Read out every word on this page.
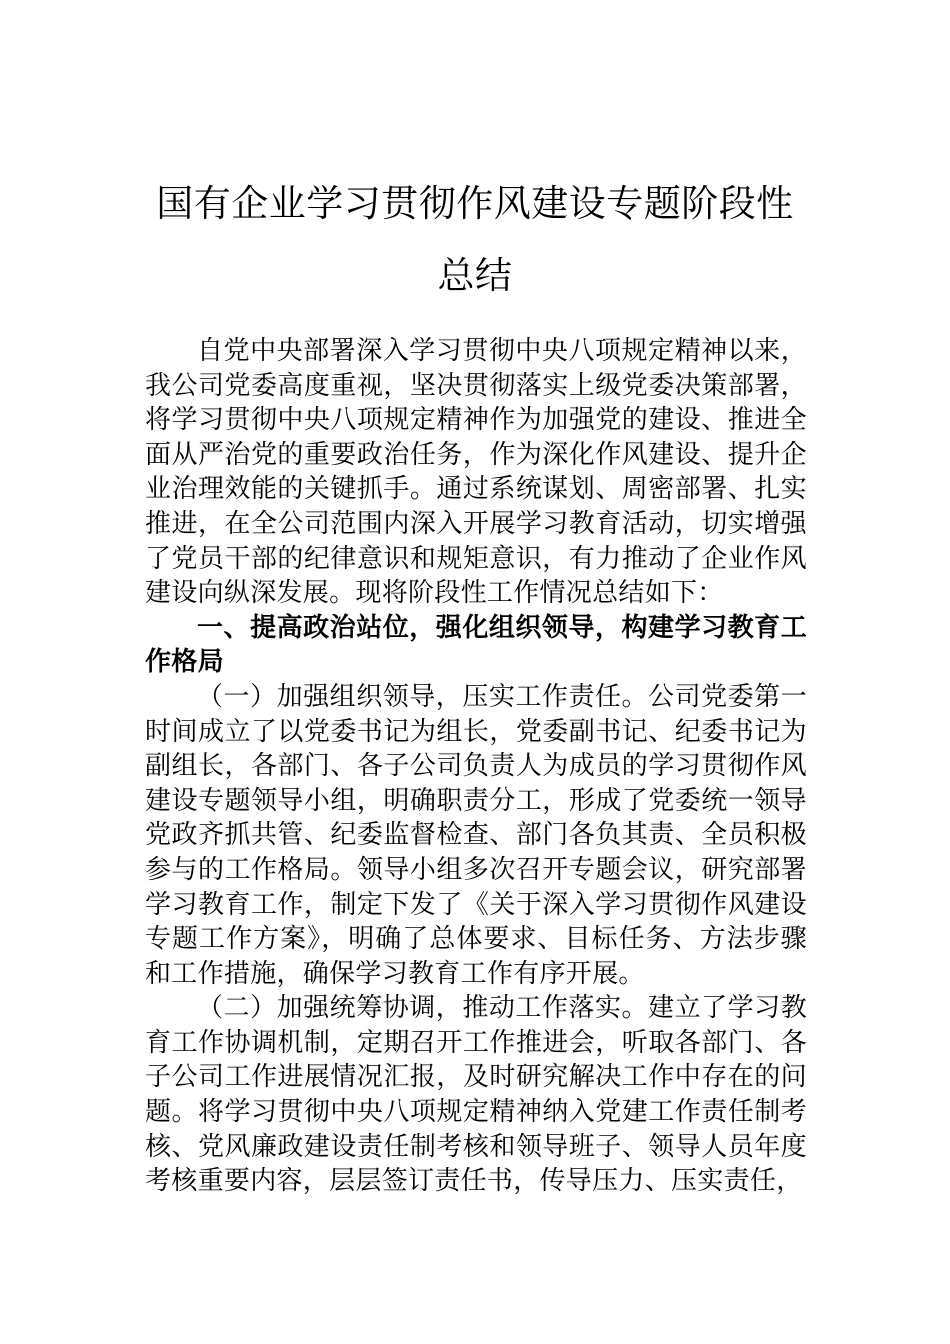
国有企业学习贯彻作风建设专题阶段性总结

自党中央部署深入学习贯彻中央八项规定精神以来，我公司党委高度重视，坚决贯彻落实上级党委决策部署，将学习贯彻中央八项规定精神作为加强党的建设、推进全面从严治党的重要政治任务，作为深化作风建设、提升企业治理效能的关键抓手。通过系统谋划、周密部署、扎实推进，在全公司范围内深入开展学习教育活动，切实增强了党员干部的纪律意识和规矩意识，有力推动了企业作风建设向纵深发展。现将阶段性工作情况总结如下：

一、提高政治站位，强化组织领导，构建学习教育工作格局

（一）加强组织领导，压实工作责任。公司党委第一时间成立了以党委书记为组长，党委副书记、纪委书记为副组长，各部门、各子公司负责人为成员的学习贯彻作风建设专题领导小组，明确职责分工，形成了党委统一领导党政齐抓共管、纪委监督检查、部门各负其责、全员积极参与的工作格局。领导小组多次召开专题会议，研究部署学习教育工作，制定下发了《关于深入学习贯彻作风建设专题工作方案》，明确了总体要求、目标任务、方法步骤和工作措施，确保学习教育工作有序开展。

（二）加强统筹协调，推动工作落实。建立了学习教育工作协调机制，定期召开工作推进会，听取各部门、各子公司工作进展情况汇报，及时研究解决工作中存在的问题。将学习贯彻中央八项规定精神纳入党建工作责任制考核、党风廉政建设责任制考核和领导班子、领导人员年度考核重要内容，层层签订责任书，传导压力、压实责任，
